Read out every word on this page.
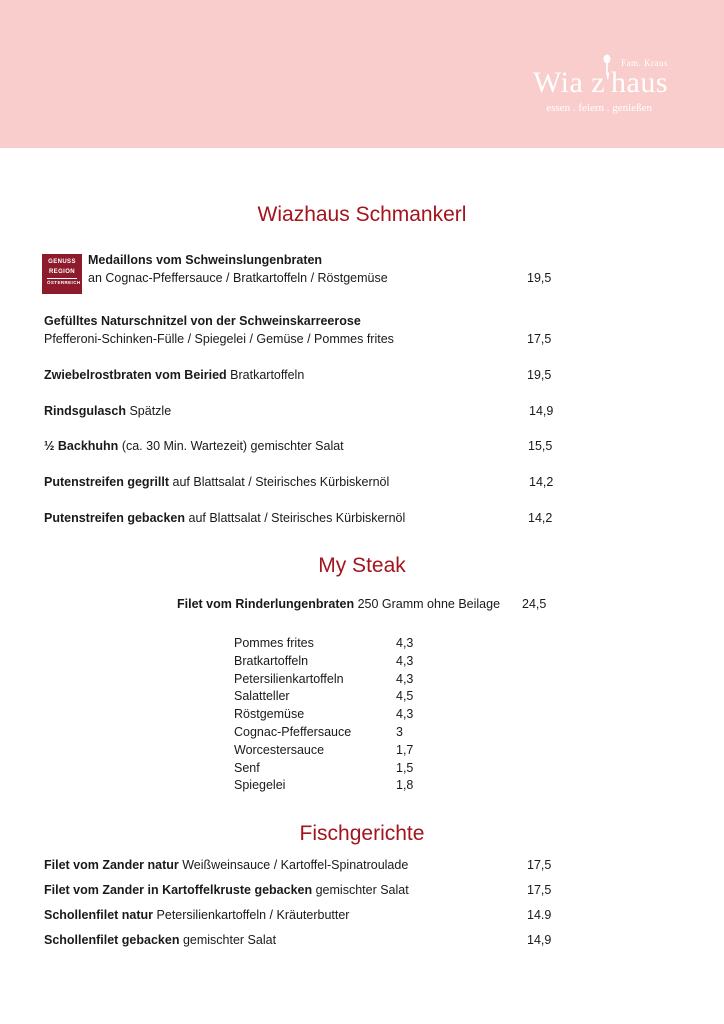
Fam. Kraus
Wia z'haus
essen . feiern . genießen
Wiazhaus Schmankerl
GENUSS
REGION
ÖSTERREICH
Medaillons vom Schweinslungenbraten
an Cognac-Pfeffersauce / Bratkartoffeln / Röstgemüse	19,5
Gefülltes Naturschnitzel von der Schweinskarreerose
Pfefferoni-Schinken-Fülle / Spiegelei / Gemüse / Pommes frites	17,5
Zwiebelrostbraten vom Beiried Bratkartoffeln	19,5
Rindsgulasch Spätzle	14,9
½ Backhuhn (ca. 30 Min. Wartezeit) gemischter Salat	15,5
Putenstreifen gegrillt auf Blattsalat / Steirisches Kürbiskernöl	14,2
Putenstreifen gebacken auf Blattsalat / Steirisches Kürbiskernöl	14,2
My Steak
Filet vom Rinderlungenbraten 250 Gramm ohne Beilage	24,5
Pommes frites	4,3
Bratkartoffeln	4,3
Petersilienkartoffeln	4,3
Salatteller	4,5
Röstgemüse	4,3
Cognac-Pfeffersauce	3
Worcestersauce	1,7
Senf	1,5
Spiegelei	1,8
Fischgerichte
Filet vom Zander natur Weißweinsauce / Kartoffel-Spinatroulade	17,5
Filet vom Zander in Kartoffelkruste gebacken gemischter Salat	17,5
Schollenfilet natur Petersilienkartoffeln / Kräuterbutter	14.9
Schollenfilet gebacken gemischter Salat	14,9
